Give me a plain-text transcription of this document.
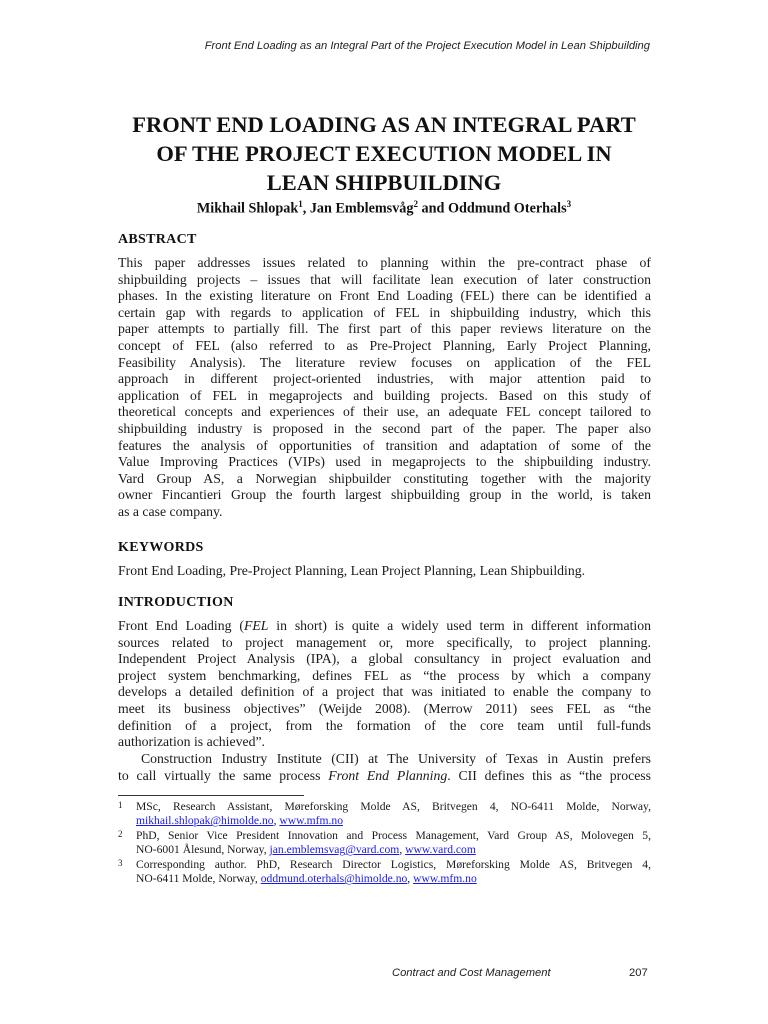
Front End Loading as an Integral Part of the Project Execution Model in Lean Shipbuilding
FRONT END LOADING AS AN INTEGRAL PART
OF THE PROJECT EXECUTION MODEL IN
LEAN SHIPBUILDING
Mikhail Shlopak$^1$, Jan Emblemsvåg$^2$ and Oddmund Oterhals$^3$
ABSTRACT
This paper addresses issues related to planning within the pre-contract phase of
shipbuilding projects – issues that will facilitate lean execution of later construction
phases. In the existing literature on Front End Loading (FEL) there can be identified a
certain gap with regards to application of FEL in shipbuilding industry, which this
paper attempts to partially fill. The first part of this paper reviews literature on the
concept of FEL (also referred to as Pre-Project Planning, Early Project Planning,
Feasibility Analysis). The literature review focuses on application of the FEL
approach in different project-oriented industries, with major attention paid to
application of FEL in megaprojects and building projects. Based on this study of
theoretical concepts and experiences of their use, an adequate FEL concept tailored to
shipbuilding industry is proposed in the second part of the paper. The paper also
features the analysis of opportunities of transition and adaptation of some of the
Value Improving Practices (VIPs) used in megaprojects to the shipbuilding industry.
Vard Group AS, a Norwegian shipbuilder constituting together with the majority
owner Fincantieri Group the fourth largest shipbuilding group in the world, is taken
as a case company.
KEYWORDS
Front End Loading, Pre-Project Planning, Lean Project Planning, Lean Shipbuilding.
INTRODUCTION
Front End Loading (FEL in short) is quite a widely used term in different information
sources related to project management or, more specifically, to project planning.
Independent Project Analysis (IPA), a global consultancy in project evaluation and
project system benchmarking, defines FEL as “the process by which a company
develops a detailed definition of a project that was initiated to enable the company to
meet its business objectives” (Weijde 2008). (Merrow 2011) sees FEL as “the
definition of a project, from the formation of the core team until full-funds
authorization is achieved”.
Construction Industry Institute (CII) at The University of Texas in Austin prefers
to call virtually the same process Front End Planning. CII defines this as “the process
1 MSc, Research Assistant, Møreforsking Molde AS, Britvegen 4, NO-6411 Molde, Norway,
mikhail.shlopak@himolde.no, www.mfm.no
2 PhD, Senior Vice President Innovation and Process Management, Vard Group AS, Molovegen 5,
NO-6001 Ålesund, Norway, jan.emblemsvag@vard.com, www.vard.com
3 Corresponding author. PhD, Research Director Logistics, Møreforsking Molde AS, Britvegen 4,
NO-6411 Molde, Norway, oddmund.oterhals@himolde.no, www.mfm.no
Contract and Cost Management	207
